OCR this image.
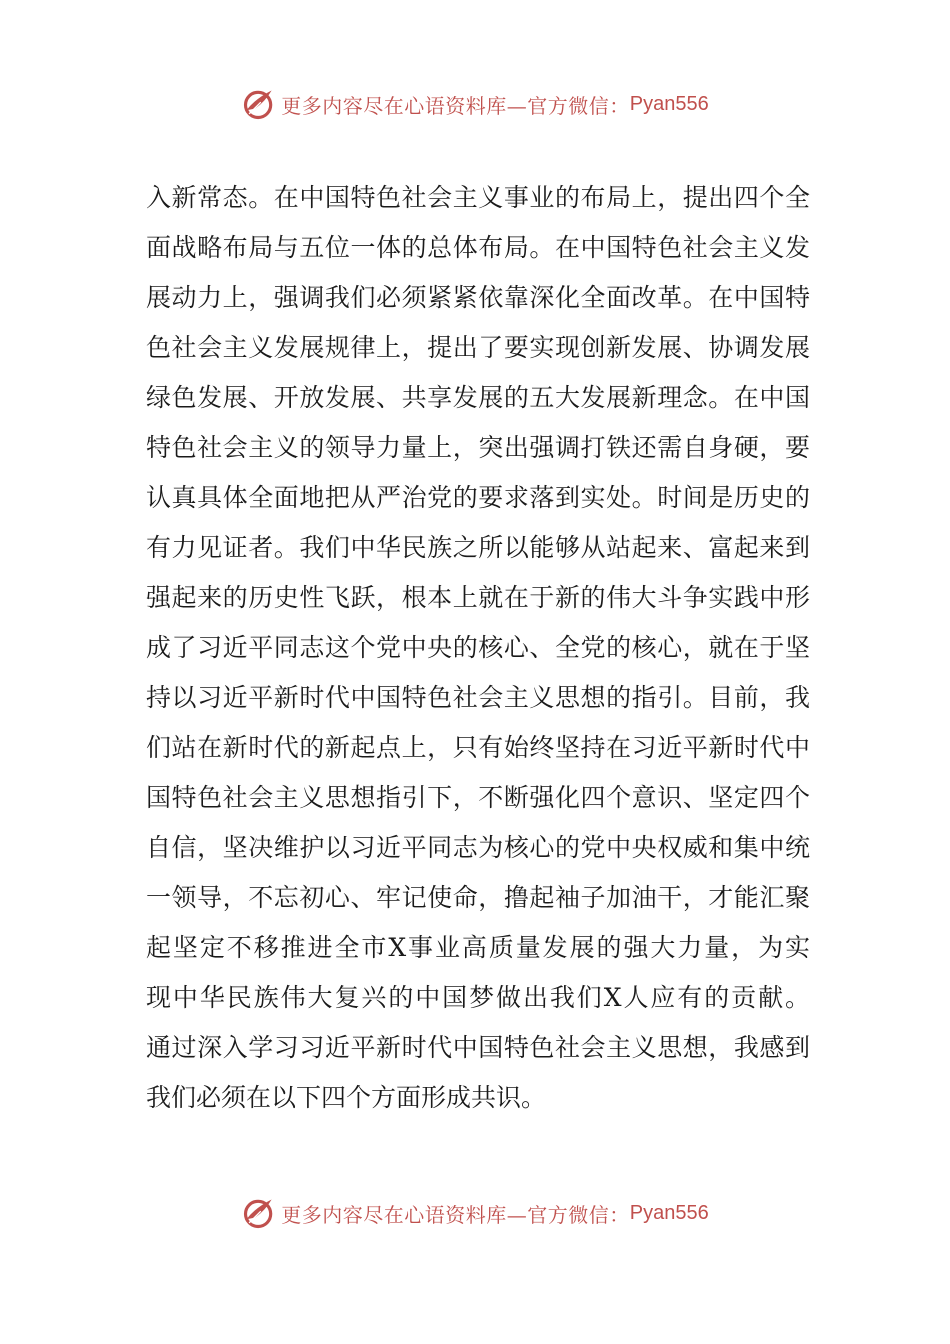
更多内容尽在心语资料库—官方微信： Pyan556
入新常态。在中国特色社会主义事业的布局上，提出四个全
面战略布局与五位一体的总体布局。在中国特色社会主义发
展动力上，强调我们必须紧紧依靠深化全面改革。在中国特
色社会主义发展规律上，提出了要实现创新发展、协调发展
绿色发展、开放发展、共享发展的五大发展新理念。在中国
特色社会主义的领导力量上，突出强调打铁还需自身硬，要
认真具体全面地把从严治党的要求落到实处。时间是历史的
有力见证者。我们中华民族之所以能够从站起来、富起来到
强起来的历史性飞跃，根本上就在于新的伟大斗争实践中形
成了习近平同志这个党中央的核心、全党的核心，就在于坚
持以习近平新时代中国特色社会主义思想的指引。目前，我
们站在新时代的新起点上，只有始终坚持在习近平新时代中
国特色社会主义思想指引下，不断强化四个意识、坚定四个
自信，坚决维护以习近平同志为核心的党中央权威和集中统
一领导，不忘初心、牢记使命，撸起袖子加油干，才能汇聚
起坚定不移推进全市X事业高质量发展的强大力量，为实
现中华民族伟大复兴的中国梦做出我们X人应有的贡献。
通过深入学习习近平新时代中国特色社会主义思想，我感到
我们必须在以下四个方面形成共识。
更多内容尽在心语资料库—官方微信： Pyan556
